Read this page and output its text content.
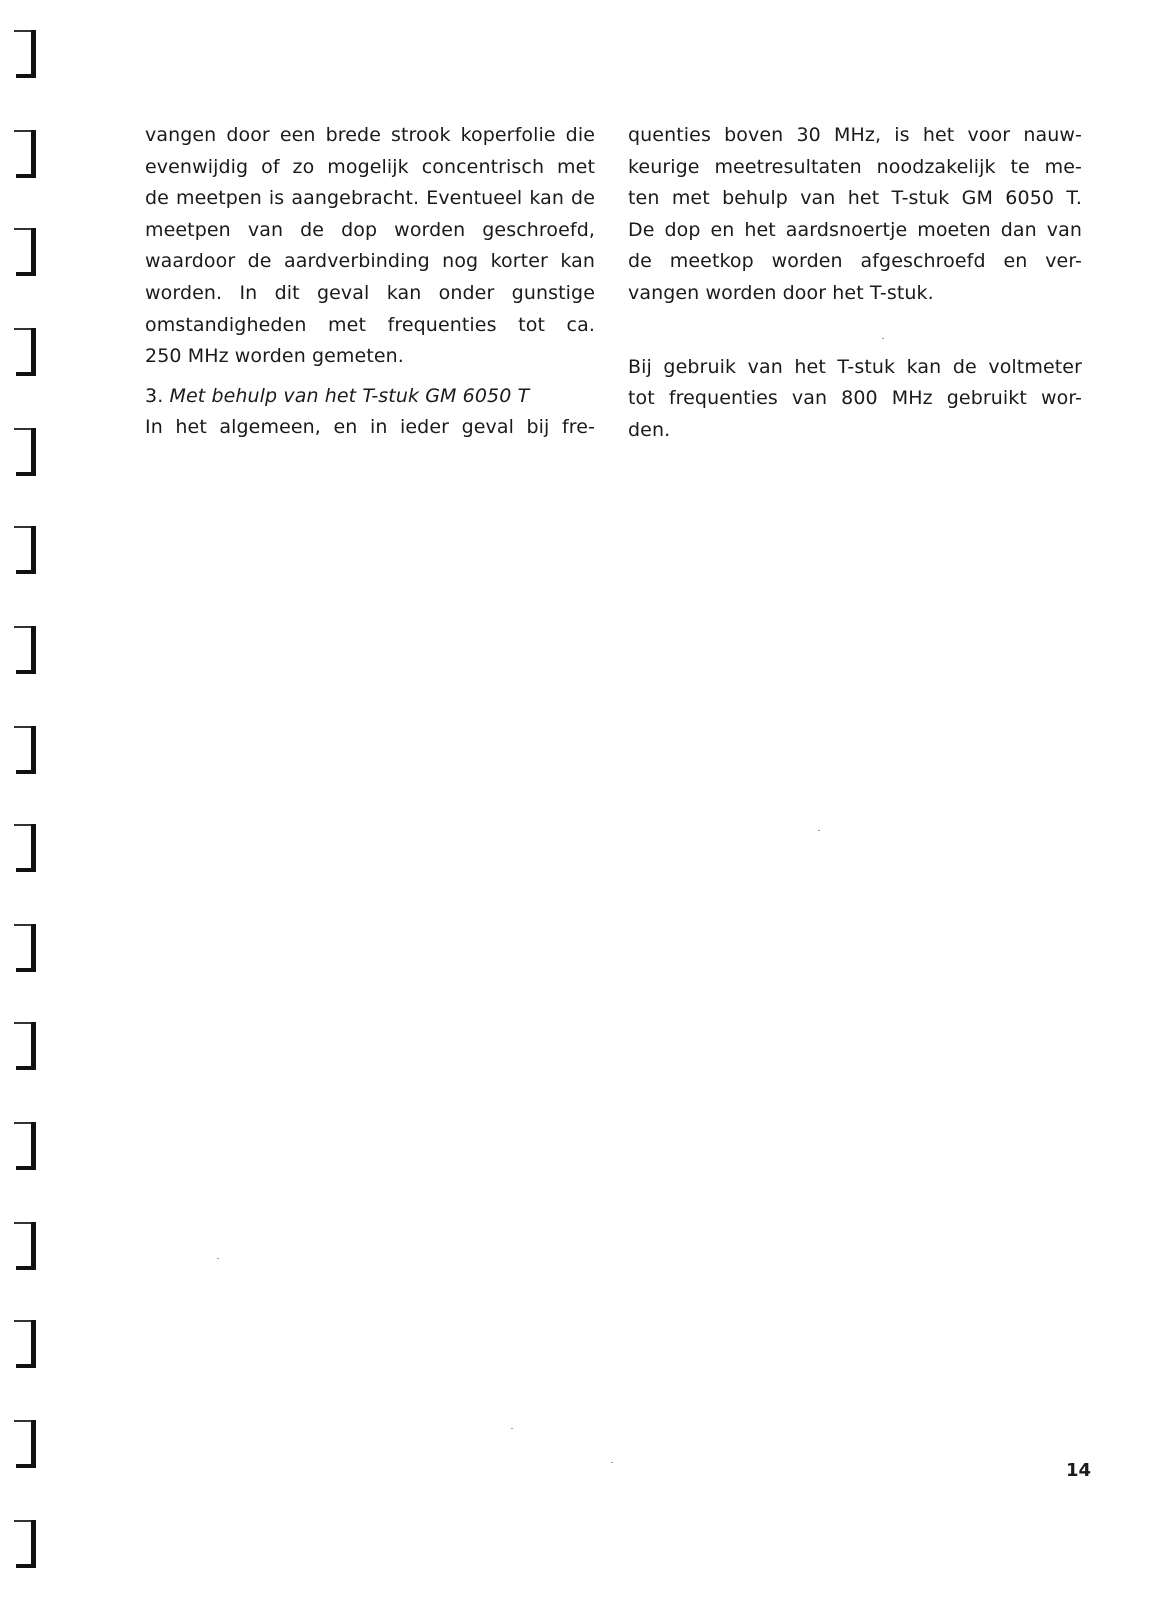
vangen door een brede strook koperfolie die
evenwijdig of zo mogelijk concentrisch met
de meetpen is aangebracht. Eventueel kan de
meetpen van de dop worden geschroefd,
waardoor de aardverbinding nog korter kan
worden. In dit geval kan onder gunstige
omstandigheden met frequenties tot ca.
250 MHz worden gemeten.
3. Met behulp van het T-stuk GM 6050 T
In het algemeen, en in ieder geval bij fre-
quenties boven 30 MHz, is het voor nauw-
keurige meetresultaten noodzakelijk te me-
ten met behulp van het T-stuk GM 6050 T.
De dop en het aardsnoertje moeten dan van
de meetkop worden afgeschroefd en ver-
vangen worden door het T-stuk.
Bij gebruik van het T-stuk kan de voltmeter
tot frequenties van 800 MHz gebruikt wor-
den.
14
